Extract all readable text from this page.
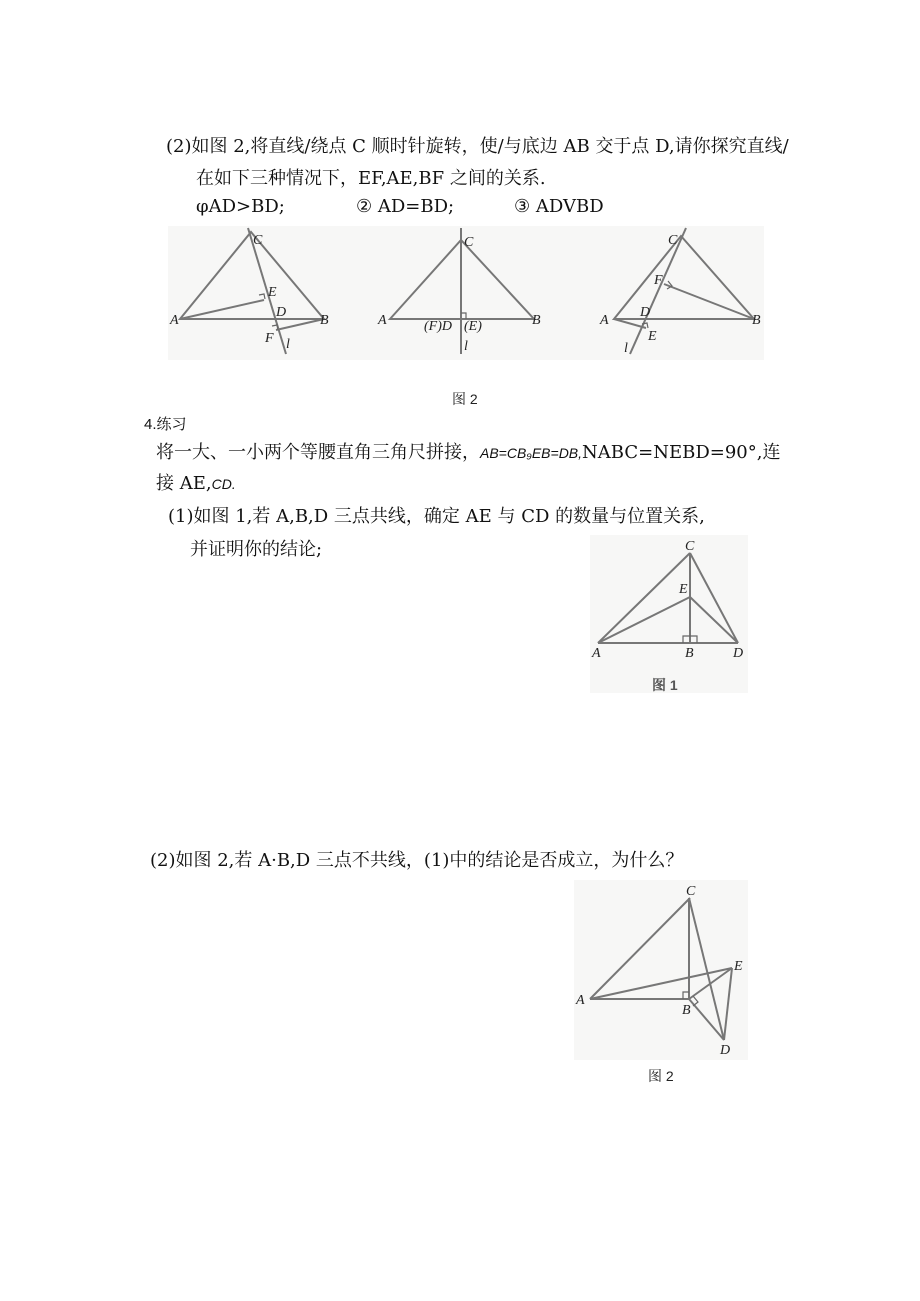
(2)如图 2,将直线/绕点 C 顺时针旋转，使/与底边 AB 交于点 D,请你探究直线/
在如下三种情况下，EF,AE,BF 之间的关系.
φAD>BD;	② AD=BD;	③ ADVBD
C
A	B
E
D
F l
C
A	B
(F)D (E)
l
C
A	B
F
D
E
l
图 2
4.练习
将一大、一小两个等腰直角三角尺拼接，AB=CB₉EB=DB,NABC=NEBD=90°,连
接 AE,CD.
(1)如图 1,若 A,B,D 三点共线，确定 AE 与 CD 的数量与位置关系,
并证明你的结论;	C
E
A	B	D
图 1
(2)如图 2,若 A·B,D 三点不共线，(1)中的结论是否成立，为什么？
C
E
A
B
D
图 2
